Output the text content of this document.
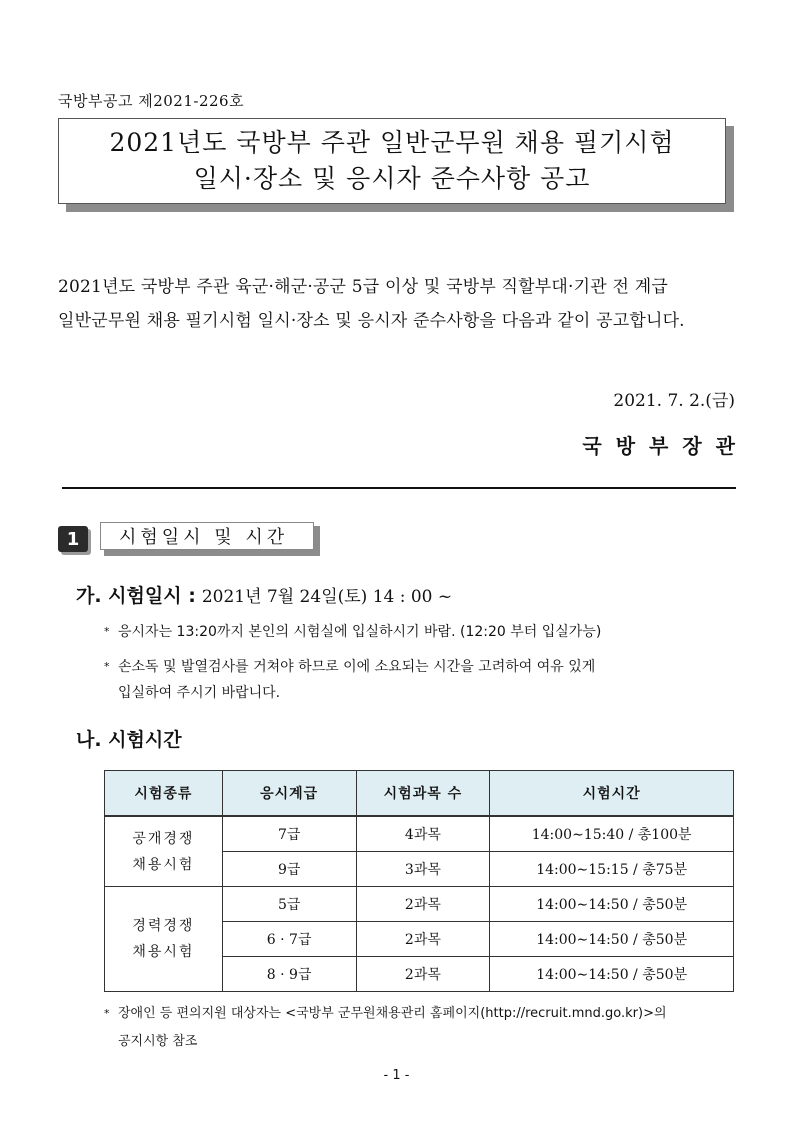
국방부공고 제2021-226호
2021년도 국방부 주관 일반군무원 채용 필기시험
일시·장소 및 응시자 준수사항 공고
2021년도 국방부 주관 육군·해군·공군 5급 이상 및 국방부 직할부대·기관 전 계급
일반군무원 채용 필기시험 일시·장소 및 응시자 준수사항을 다음과 같이 공고합니다.
2021. 7. 2.(금)
국방부장관
1	시험일시 및 시간
가. 시험일시 : 2021년 7월 24일(토) 14 : 00 ~
* 응시자는 13:20까지 본인의 시험실에 입실하시기 바람. (12:20 부터 입실가능)
* 손소독 및 발열검사를 거쳐야 하므로 이에 소요되는 시간을 고려하여 여유 있게
입실하여 주시기 바랍니다.
나. 시험시간
시험종류	응시계급	시험과목 수	시험시간

공개경쟁
채용시험	7급	4과목	14:00∼15:40 / 총100분
	9급	3과목	14:00∼15:15 / 총75분

경력경쟁
채용시험	5급	2과목	14:00∼14:50 / 총50분
	6 · 7급	2과목	14:00∼14:50 / 총50분
	8 · 9급	2과목	14:00∼14:50 / 총50분
* 장애인 등 편의지원 대상자는 <국방부 군무원채용관리 홈페이지(http://recruit.mnd.go.kr)>의
공지시항 참조
- 1 -
